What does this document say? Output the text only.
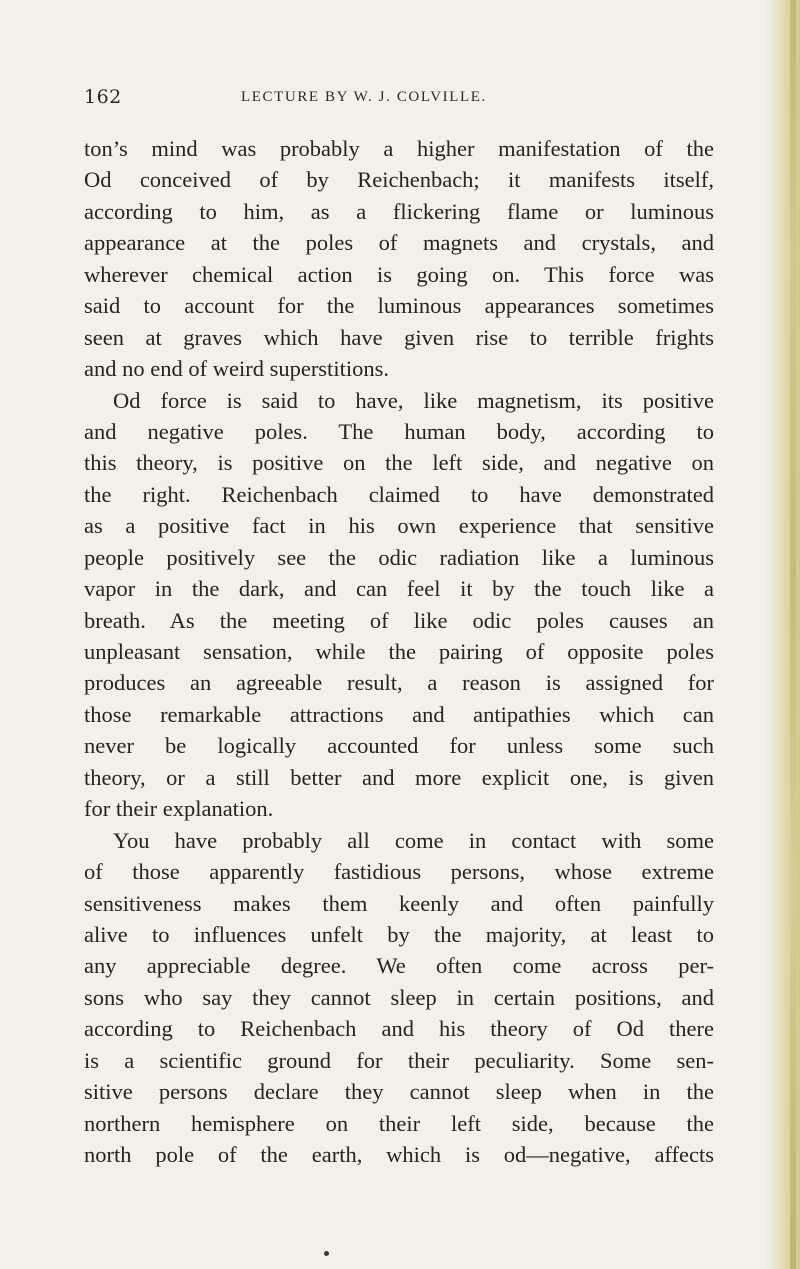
162	LECTURE BY W. J. COLVILLE.
ton’s mind was probably a higher manifestation of the
Od conceived of by Reichenbach; it manifests itself,
according to him, as a flickering flame or luminous
appearance at the poles of magnets and crystals, and
wherever chemical action is going on. This force was
said to account for the luminous appearances sometimes
seen at graves which have given rise to terrible frights
and no end of weird superstitions.
Od force is said to have, like magnetism, its positive
and negative poles. The human body, according to
this theory, is positive on the left side, and negative on
the right. Reichenbach claimed to have demonstrated
as a positive fact in his own experience that sensitive
people positively see the odic radiation like a luminous
vapor in the dark, and can feel it by the touch like a
breath. As the meeting of like odic poles causes an
unpleasant sensation, while the pairing of opposite poles
produces an agreeable result, a reason is assigned for
those remarkable attractions and antipathies which can
never be logically accounted for unless some such
theory, or a still better and more explicit one, is given
for their explanation.
You have probably all come in contact with some
of those apparently fastidious persons, whose extreme
sensitiveness makes them keenly and often painfully
alive to influences unfelt by the majority, at least to
any appreciable degree. We often come across per-
sons who say they cannot sleep in certain positions, and
according to Reichenbach and his theory of Od there
is a scientific ground for their peculiarity. Some sen-
sitive persons declare they cannot sleep when in the
northern hemisphere on their left side, because the
north pole of the earth, which is od—negative, affects
